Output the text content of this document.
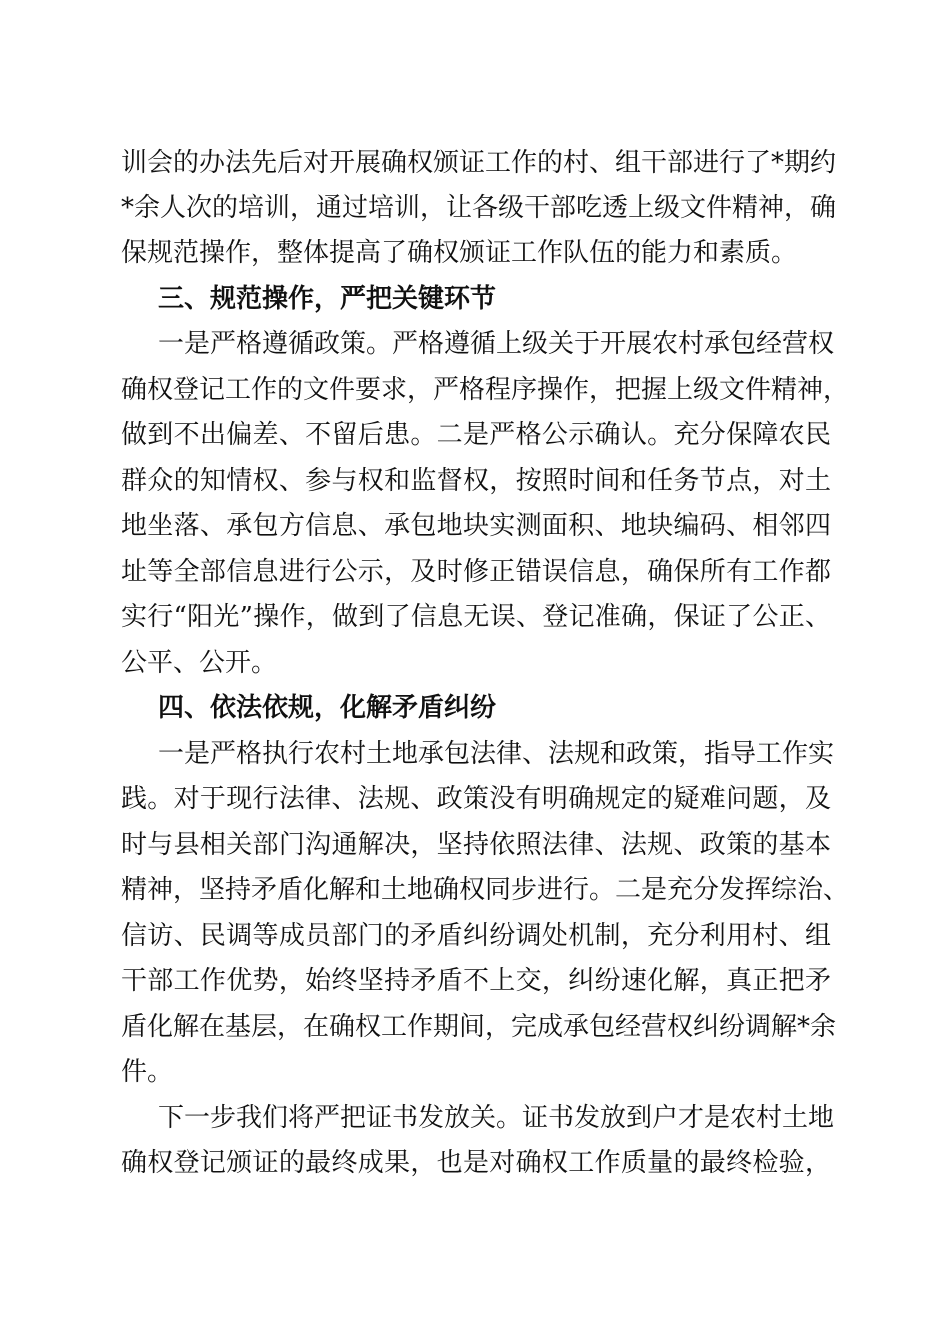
训会的办法先后对开展确权颁证工作的村、组干部进行了*期约
*余人次的培训，通过培训，让各级干部吃透上级文件精神，确
保规范操作，整体提高了确权颁证工作队伍的能力和素质。
三、规范操作，严把关键环节
一是严格遵循政策。严格遵循上级关于开展农村承包经营权
确权登记工作的文件要求，严格程序操作，把握上级文件精神，
做到不出偏差、不留后患。二是严格公示确认。充分保障农民
群众的知情权、参与权和监督权，按照时间和任务节点，对土
地坐落、承包方信息、承包地块实测面积、地块编码、相邻四
址等全部信息进行公示，及时修正错误信息，确保所有工作都
实行“阳光”操作，做到了信息无误、登记准确，保证了公正、
公平、公开。
四、依法依规，化解矛盾纠纷
一是严格执行农村土地承包法律、法规和政策，指导工作实
践。对于现行法律、法规、政策没有明确规定的疑难问题，及
时与县相关部门沟通解决，坚持依照法律、法规、政策的基本
精神，坚持矛盾化解和土地确权同步进行。二是充分发挥综治、
信访、民调等成员部门的矛盾纠纷调处机制，充分利用村、组
干部工作优势，始终坚持矛盾不上交，纠纷速化解，真正把矛
盾化解在基层，在确权工作期间，完成承包经营权纠纷调解*余
件。
下一步我们将严把证书发放关。证书发放到户才是农村土地
确权登记颁证的最终成果，也是对确权工作质量的最终检验，
